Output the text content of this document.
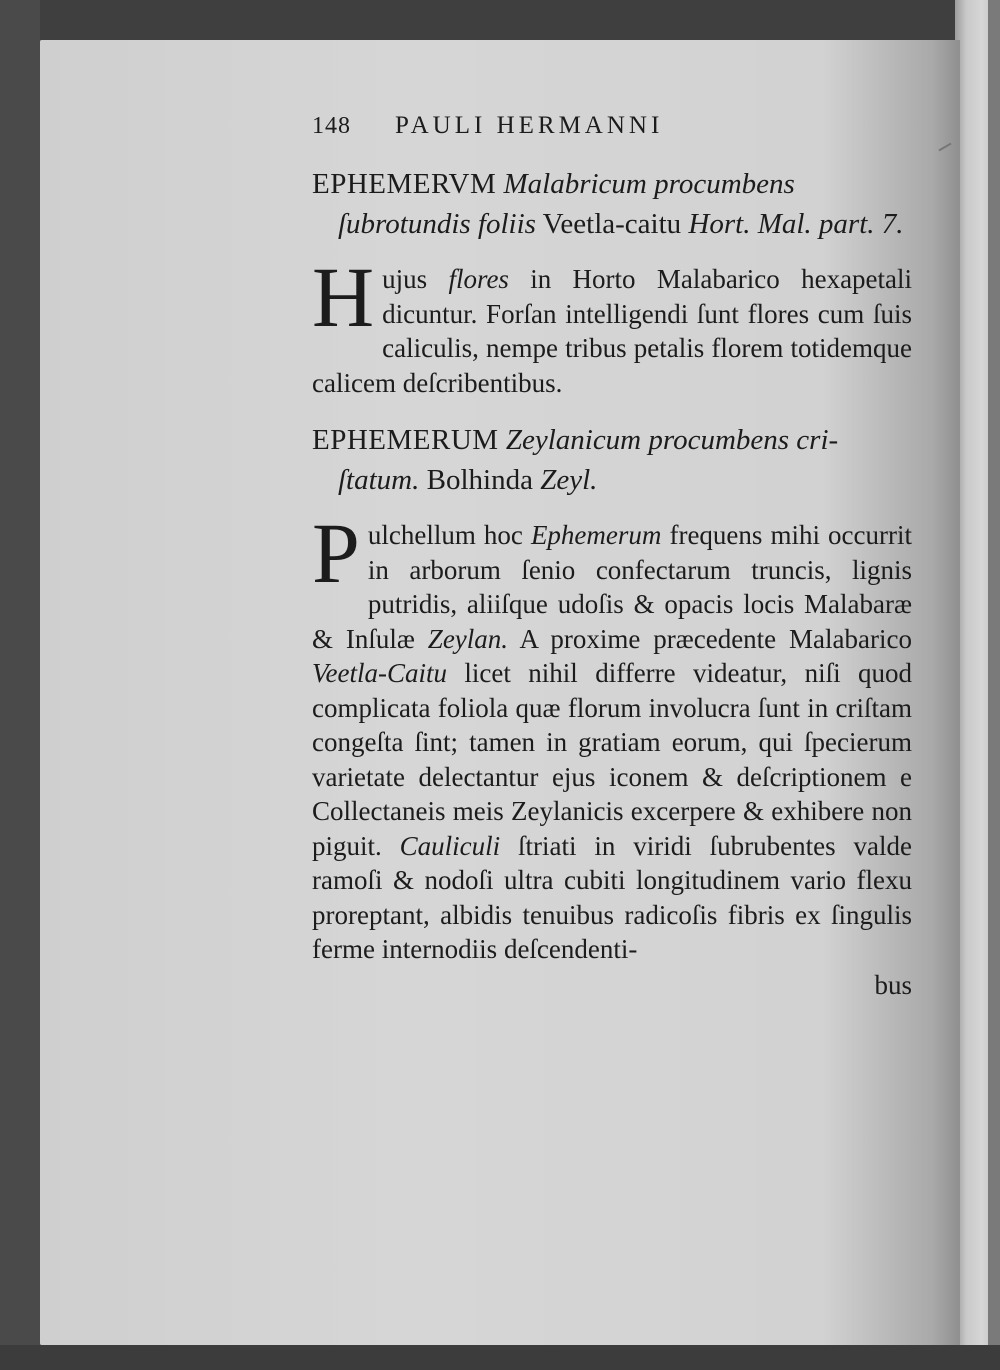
148 PAULI HERMANNI
EPHEMERVM Malabricum procumbens
ſubrotundis foliis Veetla-caitu Hort. Mal. part. 7.
H ujus flores in Horto Malabarico hexapetali dicuntur. Forſan intelligendi ſunt flores cum ſuis caliculis, nempe tribus petalis florem totidemque calicem deſcribentibus.
EPHEMERUM Zeylanicum procumbens cri-
ſtatum. Bolhinda Zeyl.
P ulchellum hoc Ephemerum frequens mihi occurrit in arborum ſenio confectarum truncis, lignis putridis, aliiſque udoſis & opacis locis Malabaræ & Inſulæ Zeylan. A proxime præcedente Malabarico Veetla-Caitu licet nihil differre videatur, niſi quod complicata foliola quæ florum involucra ſunt in criſtam congeſta ſint; tamen in gratiam eorum, qui ſpecierum varietate delectantur ejus iconem & deſcriptionem e Collectaneis meis Zeylanicis excerpere & exhibere non piguit. Cauliculi ſtriati in viridi ſubrubentes valde ramoſi & nodoſi ultra cubiti longitudinem vario flexu proreptant, albidis tenuibus radicoſis fibris ex ſingulis ferme internodiis deſcendenti-
bus
